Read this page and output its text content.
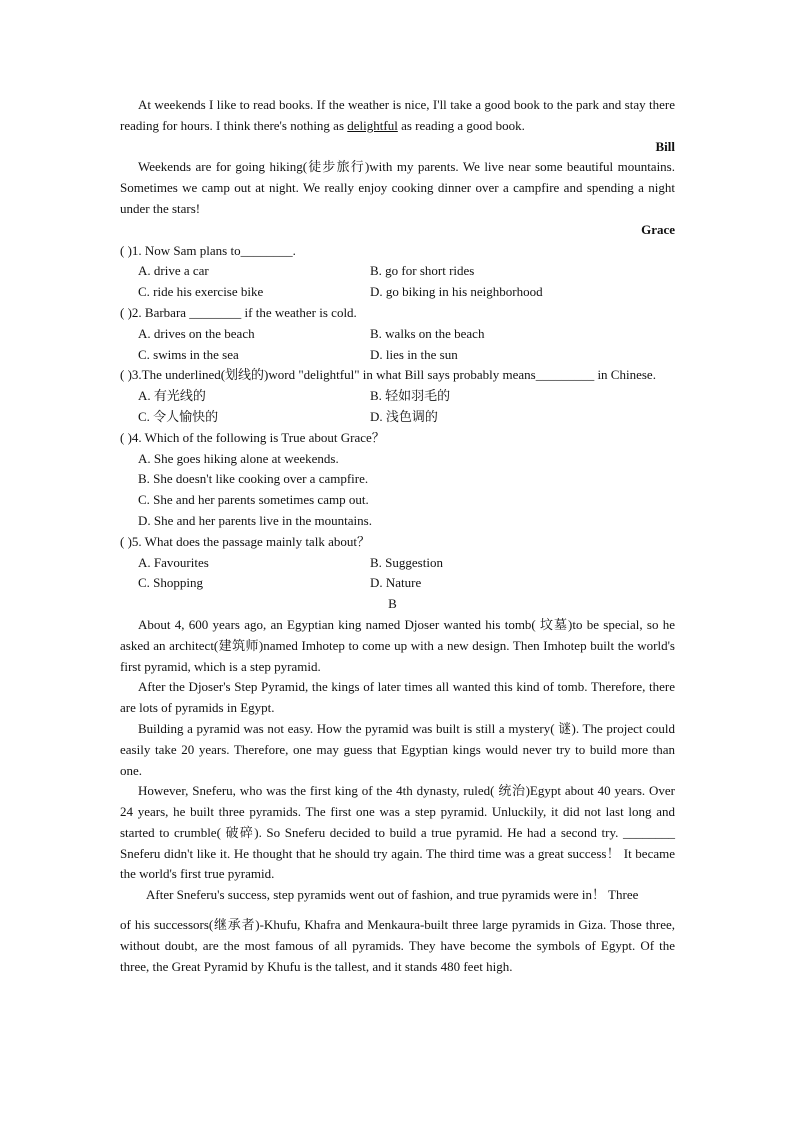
At weekends I like to read books. If the weather is nice, I'll take a good book to the park and stay there reading for hours. I think there's nothing as delightful as reading a good book.

Bill

Weekends are for going hiking(徒步旅行)with my parents. We live near some beautiful mountains. Sometimes we camp out at night. We really enjoy cooking dinner over a campfire and spending a night under the stars!

Grace

( )1. Now Sam plans to________.

A. drive a car	B. go for short rides
C. ride his exercise bike	D. go biking in his neighborhood

( )2. Barbara ________ if the weather is cold.

A. drives on the beach	B. walks on the beach
C. swims in the sea	D. lies in the sun

( )3.The underlined(划线的)word "delightful" in what Bill says probably means_________ in Chinese.

A. 有光线的	B. 轻如羽毛的
C. 令人愉快的	D. 浅色调的

( )4. Which of the following is True about Grace？

A. She goes hiking alone at weekends.
B. She doesn't like cooking over a campfire.
C. She and her parents sometimes camp out.
D. She and her parents live in the mountains.

( )5. What does the passage mainly talk about？

A. Favourites	B. Suggestion
C. Shopping	D. Nature

B

About 4, 600 years ago, an Egyptian king named Djoser wanted his tomb( 坟墓)to be special, so he asked an architect(建筑师)named Imhotep to come up with a new design. Then Imhotep built the world's first pyramid, which is a step pyramid.

After the Djoser's Step Pyramid, the kings of later times all wanted this kind of tomb. Therefore, there are lots of pyramids in Egypt.

Building a pyramid was not easy. How the pyramid was built is still a mystery( 谜). The project could easily take 20 years. Therefore, one may guess that Egyptian kings would never try to build more than one.

However, Sneferu, who was the first king of the 4th dynasty, ruled( 统治)Egypt about 40 years. Over 24 years, he built three pyramids. The first one was a step pyramid. Unluckily, it did not last long and started to crumble( 破碎). So Sneferu decided to build a true pyramid. He had a second try. ________ Sneferu didn't like it. He thought that he should try again. The third time was a great success！ It became the world's first true pyramid.

After Sneferu's success, step pyramids went out of fashion, and true pyramids were in！ Three

of his successors(继承者)-Khufu, Khafra and Menkaura-built three large pyramids in Giza. Those three, without doubt, are the most famous of all pyramids. They have become the symbols of Egypt. Of the three, the Great Pyramid by Khufu is the tallest, and it stands 480 feet high.
